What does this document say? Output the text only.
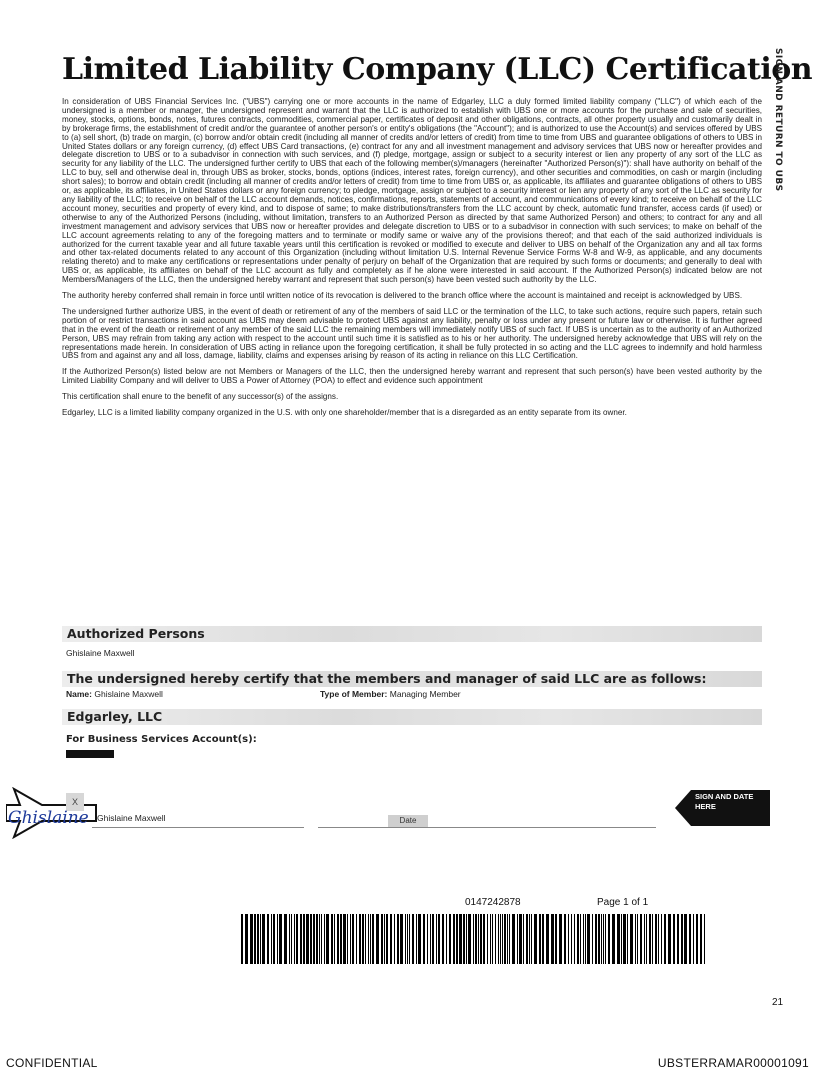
Limited Liability Company (LLC) Certification
SIGN AND RETURN TO UBS

In consideration of UBS Financial Services Inc. ("UBS") carrying one or more accounts in the name of Edgarley, LLC a duly formed limited liability company ("LLC") of which each of the undersigned is a member or manager, the undersigned represent and warrant that the LLC is authorized to establish with UBS one or more accounts for the purchase and sale of securities, money, stocks, options, bonds, notes, futures contracts, commodities, commercial paper, certificates of deposit and other obligations, contracts, all other property usually and customarily dealt in by brokerage firms, the establishment of credit and/or the guarantee of another person's or entity's obligations (the "Account"); and is authorized to use the Account(s) and services offered by UBS to (a) sell short, (b) trade on margin, (c) borrow and/or obtain credit (including all manner of credits and/or letters of credit) from time to time from UBS and guarantee obligations of others to UBS in United States dollars or any foreign currency, (d) effect UBS Card transactions, (e) contract for any and all investment management and advisory services that UBS now or hereafter provides and delegate discretion to UBS or to a subadvisor in connection with such services, and (f) pledge, mortgage, assign or subject to a security interest or lien any property of any sort of the LLC as security for any liability of the LLC. The undersigned further certify to UBS that each of the following member(s)/managers (hereinafter "Authorized Person(s)"): shall have authority on behalf of the LLC to buy, sell and otherwise deal in, through UBS as broker, stocks, bonds, options (indices, interest rates, foreign currency), and other securities and commodities, on cash or margin (including short sales); to borrow and obtain credit (including all manner of credits and/or letters of credit) from time to time from UBS or, as applicable, its affiliates and guarantee obligations of others to UBS or, as applicable, its affiliates, in United States dollars or any foreign currency; to pledge, mortgage, assign or subject to a security interest or lien any property of any sort of the LLC as security for any liability of the LLC; to receive on behalf of the LLC account demands, notices, confirmations, reports, statements of account, and communications of every kind; to receive on behalf of the LLC account money, securities and property of every kind, and to dispose of same; to make distributions/transfers from the LLC account by check, automatic fund transfer, access cards (if used) or otherwise to any of the Authorized Persons (including, without limitation, transfers to an Authorized Person as directed by that same Authorized Person) and others; to contract for any and all investment management and advisory services that UBS now or hereafter provides and delegate discretion to UBS or to a subadvisor in connection with such services; to make on behalf of the LLC account agreements relating to any of the foregoing matters and to terminate or modify same or waive any of the provisions thereof; and that each of the said authorized individuals is authorized for the current taxable year and all future taxable years until this certification is revoked or modified to execute and deliver to UBS on behalf of the Organization any and all tax forms and other tax-related documents related to any account of this Organization (including without limitation U.S. Internal Revenue Service Forms W-8 and W-9, as applicable, and any documents relating thereto) and to make any certifications or representations under penalty of perjury on behalf of the Organization that are required by such forms or documents; and generally to deal with UBS or, as applicable, its affiliates on behalf of the LLC account as fully and completely as if he alone were interested in said account. If the Authorized Person(s) indicated below are not Members/Managers of the LLC, then the undersigned hereby warrant and represent that such person(s) have been vested such authority by the LLC.

The authority hereby conferred shall remain in force until written notice of its revocation is delivered to the branch office where the account is maintained and receipt is acknowledged by UBS.

The undersigned further authorize UBS, in the event of death or retirement of any of the members of said LLC or the termination of the LLC, to take such actions, require such papers, retain such portion of or restrict transactions in said account as UBS may deem advisable to protect UBS against any liability, penalty or loss under any present or future law or otherwise. It is further agreed that in the event of the death or retirement of any member of the said LLC the remaining members will immediately notify UBS of such fact. If UBS is uncertain as to the authority of an Authorized Person, UBS may refrain from taking any action with respect to the account until such time it is satisfied as to his or her authority. The undersigned hereby acknowledge that UBS will rely on the representations made herein. In consideration of UBS acting in reliance upon the foregoing certification, it shall be fully protected in so acting and the LLC agrees to indemnify and hold harmless UBS from and against any and all loss, damage, liability, claims and expenses arising by reason of its acting in reliance on this LLC Certification.

If the Authorized Person(s) listed below are not Members or Managers of the LLC, then the undersigned hereby warrant and represent that such person(s) have been vested authority by the Limited Liability Company and will deliver to UBS a Power of Attorney (POA) to effect and evidence such appointment

This certification shall enure to the benefit of any successor(s) of the assigns.

Edgarley, LLC is a limited liability company organized in the U.S. with only one shareholder/member that is a disregarded as an entity separate from its owner.

Authorized Persons
Ghislaine Maxwell
The undersigned hereby certify that the members and manager of said LLC are as follows:
Name: Ghislaine Maxwell	Type of Member: Managing Member
Edgarley, LLC
For Business Services Account(s):
X
Ghislaine Ghislaine Maxwell	Date
SIGN AND DATE HERE
0147242878	Page 1 of 1
21
CONFIDENTIAL	UBSTERRAMAR00001091
